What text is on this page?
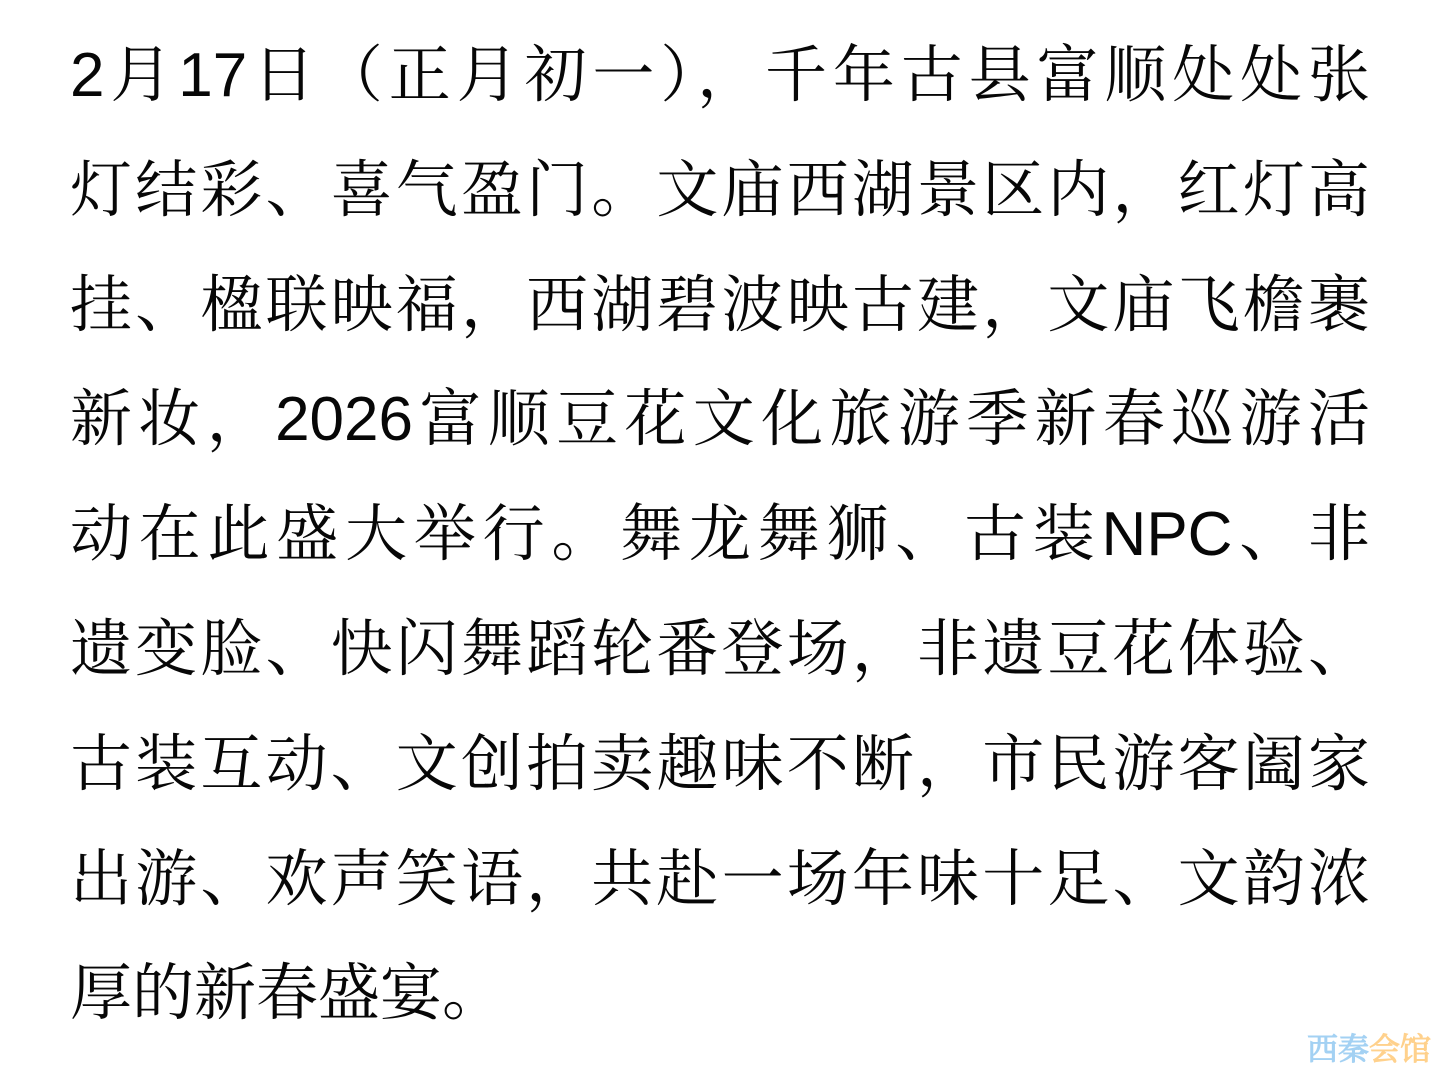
2月17日（正月初一），千年古县富顺处处张
灯结彩、喜气盈门。文庙西湖景区内，红灯高
挂、楹联映福，西湖碧波映古建，文庙飞檐裹
新妆，2026富顺豆花文化旅游季新春巡游活
动在此盛大举行。舞龙舞狮、古装NPC、非
遗变脸、快闪舞蹈轮番登场，非遗豆花体验、
古装互动、文创拍卖趣味不断，市民游客阖家
出游、欢声笑语，共赴一场年味十足、文韵浓
厚的新春盛宴。
西秦会馆
